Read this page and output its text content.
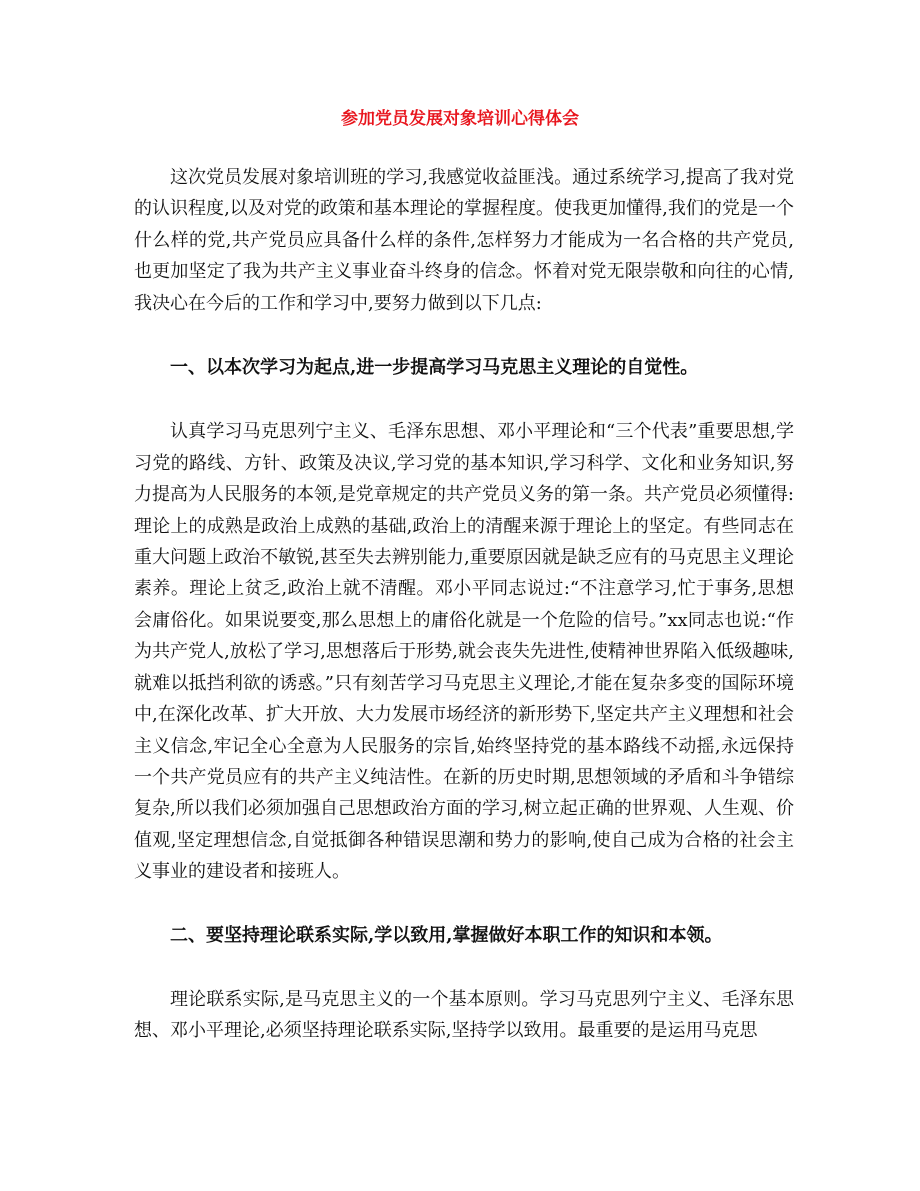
参加党员发展对象培训心得体会

这次党员发展对象培训班的学习,我感觉收益匪浅。通过系统学习,提高了我对党的认识程度,以及对党的政策和基本理论的掌握程度。使我更加懂得,我们的党是一个什么样的党,共产党员应具备什么样的条件,怎样努力才能成为一名合格的共产党员,也更加坚定了我为共产主义事业奋斗终身的信念。怀着对党无限崇敬和向往的心情,我决心在今后的工作和学习中,要努力做到以下几点:

一、以本次学习为起点,进一步提高学习马克思主义理论的自觉性。

认真学习马克思列宁主义、毛泽东思想、邓小平理论和“三个代表”重要思想,学习党的路线、方针、政策及决议,学习党的基本知识,学习科学、文化和业务知识,努力提高为人民服务的本领,是党章规定的共产党员义务的第一条。共产党员必须懂得:理论上的成熟是政治上成熟的基础,政治上的清醒来源于理论上的坚定。有些同志在重大问题上政治不敏锐,甚至失去辨别能力,重要原因就是缺乏应有的马克思主义理论素养。理论上贫乏,政治上就不清醒。邓小平同志说过:“不注意学习,忙于事务,思想会庸俗化。如果说要变,那么思想上的庸俗化就是一个危险的信号。”xx同志也说:“作为共产党人,放松了学习,思想落后于形势,就会丧失先进性,使精神世界陷入低级趣味,就难以抵挡利欲的诱惑。”只有刻苦学习马克思主义理论,才能在复杂多变的国际环境中,在深化改革、扩大开放、大力发展市场经济的新形势下,坚定共产主义理想和社会主义信念,牢记全心全意为人民服务的宗旨,始终坚持党的基本路线不动摇,永远保持一个共产党员应有的共产主义纯洁性。在新的历史时期,思想领域的矛盾和斗争错综复杂,所以我们必须加强自己思想政治方面的学习,树立起正确的世界观、人生观、价值观,坚定理想信念,自觉抵御各种错误思潮和势力的影响,使自己成为合格的社会主义事业的建设者和接班人。

二、要坚持理论联系实际,学以致用,掌握做好本职工作的知识和本领。

理论联系实际,是马克思主义的一个基本原则。学习马克思列宁主义、毛泽东思想、邓小平理论,必须坚持理论联系实际,坚持学以致用。最重要的是运用马克思
